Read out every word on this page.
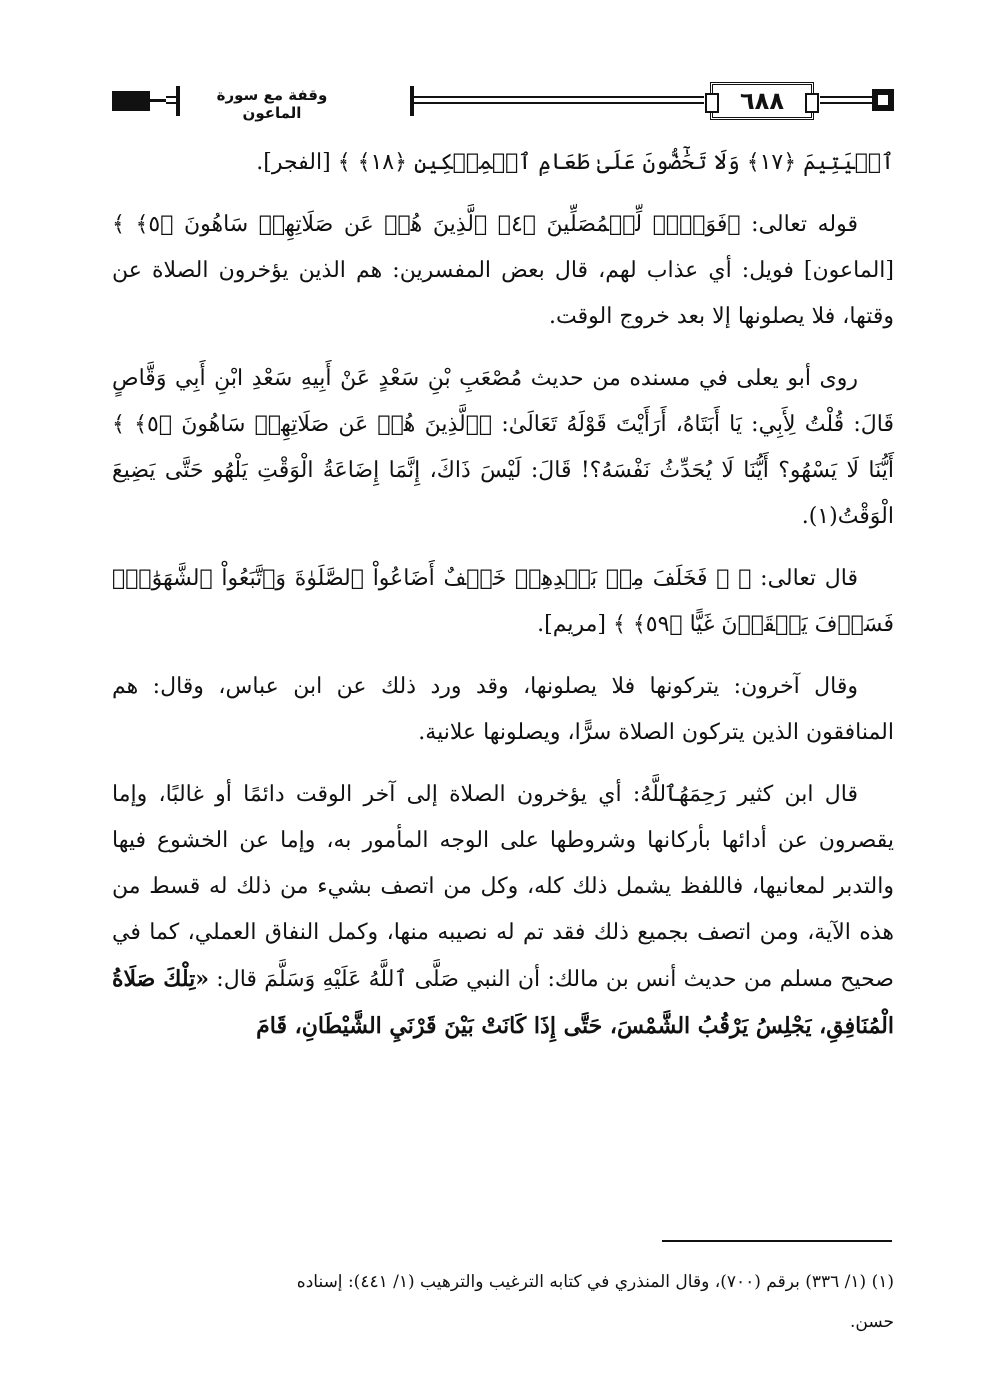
٦٨٨
وقفة مع سورة الماعون

ٱلۡيَتِيمَ ﴿١٧﴾ وَلَا تَحَٰٓضُّونَ عَلَىٰ طَعَامِ ٱلۡمِسۡكِينِ ﴿١٨﴾ ﴾ [الفجر].

قوله تعالى: ﴿فَوَيۡلٞ لِّلۡمُصَلِّينَ ﴿٤﴾ ٱلَّذِينَ هُمۡ عَن صَلَاتِهِمۡ سَاهُونَ ﴿٥﴾ ﴾ [الماعون] فويل: أي عذاب لهم، قال بعض المفسرين: هم الذين يؤخرون الصلاة عن وقتها، فلا يصلونها إلا بعد خروج الوقت.

روى أبو يعلى في مسنده من حديث مُصْعَبِ بْنِ سَعْدٍ عَنْ أَبِيهِ سَعْدِ ابْنِ أَبِي وَقَّاصٍ قَالَ: قُلْتُ لِأَبِي: يَا أَبَتَاهُ، أَرَأَيْتَ قَوْلَهُ تَعَالَىٰ: ﴿ٱلَّذِينَ هُمۡ عَن صَلَاتِهِمۡ سَاهُونَ ﴿٥﴾ ﴾ أَيُّنَا لَا يَسْهُو؟ أَيُّنَا لَا يُحَدِّثُ نَفْسَهُ؟! قَالَ: لَيْسَ ذَاكَ، إِنَّمَا إِضَاعَةُ الْوَقْتِ يَلْهُو حَتَّى يَضِيعَ الْوَقْتُ(١).

قال تعالى: ﴿ ۞ فَخَلَفَ مِنۢ بَعۡدِهِمۡ خَلۡفٌ أَضَاعُواْ ٱلصَّلَوٰةَ وَٱتَّبَعُواْ ٱلشَّهَوَٰتِۖ فَسَوۡفَ يَلۡقَوۡنَ غَيًّا ﴿٥٩﴾ ﴾ [مريم].

وقال آخرون: يتركونها فلا يصلونها، وقد ورد ذلك عن ابن عباس، وقال: هم المنافقون الذين يتركون الصلاة سرًّا، ويصلونها علانية.

قال ابن كثير رَحِمَهُٱللَّهُ: أي يؤخرون الصلاة إلى آخر الوقت دائمًا أو غالبًا، وإما يقصرون عن أدائها بأركانها وشروطها على الوجه المأمور به، وإما عن الخشوع فيها والتدبر لمعانيها، فاللفظ يشمل ذلك كله، وكل من اتصف بشيء من ذلك له قسط من هذه الآية، ومن اتصف بجميع ذلك فقد تم له نصيبه منها، وكمل النفاق العملي، كما في صحيح مسلم من حديث أنس بن مالك: أن النبي صَلَّى ٱللَّهُ عَلَيْهِ وَسَلَّمَ قال: «تِلْكَ صَلَاةُ الْمُنَافِقِ، يَجْلِسُ يَرْقُبُ الشَّمْسَ، حَتَّى إِذَا كَانَتْ بَيْنَ قَرْنَيِ الشَّيْطَانِ، قَامَ

(١) (١/ ٣٣٦) برقم (٧٠٠)، وقال المنذري في كتابه الترغيب والترهيب (١/ ٤٤١): إسناده

حسن.
